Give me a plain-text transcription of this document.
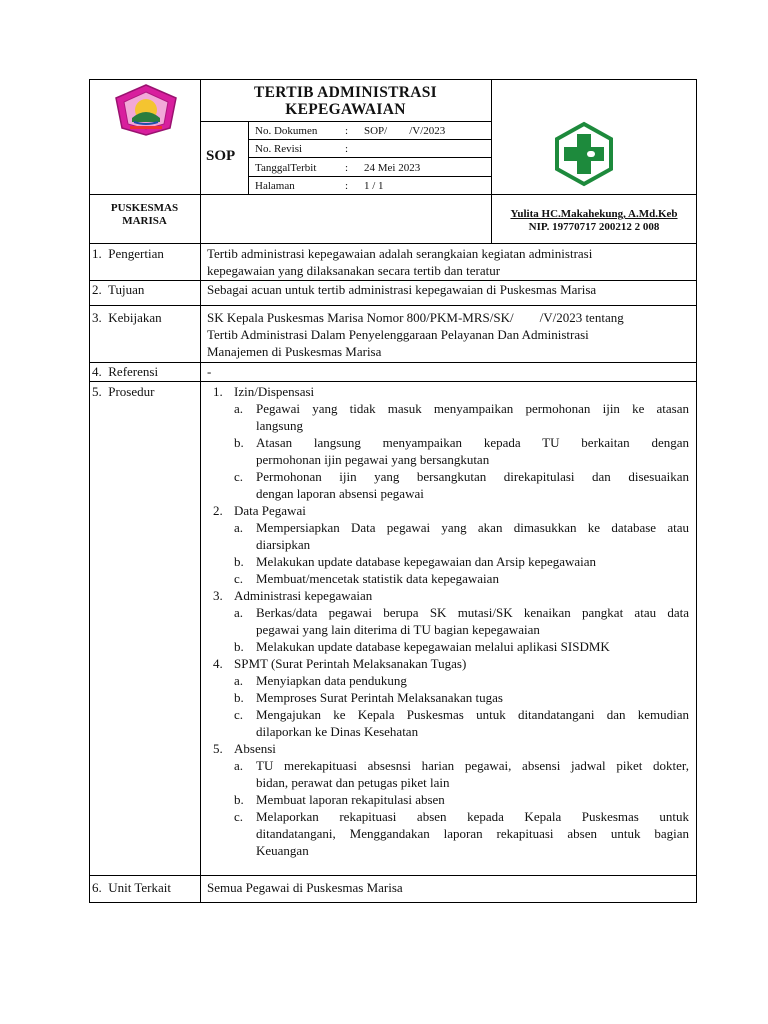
TERTIB ADMINISTRASI
KEPEGAWAIAN
SOP
No. Dokumen	: SOP/        /V/2023
No. Revisi	:
TanggalTerbit	: 24 Mei 2023
Halaman	: 1 / 1
PUSKESMAS
MARISA
Yulita HC.Makahekung, A.Md.Keb
NIP. 19770717 200212 2 008
1.  Pengertian	Tertib administrasi kepegawaian adalah serangkaian kegiatan administrasi
kepegawaian yang dilaksanakan secara tertib dan teratur
2.  Tujuan	Sebagai acuan untuk tertib administrasi kepegawaian di Puskesmas Marisa
3.  Kebijakan	SK Kepala Puskesmas Marisa Nomor 800/PKM-MRS/SK/        /V/2023 tentang
Tertib Administrasi Dalam Penyelenggaraan Pelayanan Dan Administrasi
Manajemen di Puskesmas Marisa
4.  Referensi	-
5.  Prosedur	1. Izin/Dispensasi
a. Pegawai yang tidak masuk menyampaikan permohonan ijin ke atasan
langsung
b. Atasan langsung menyampaikan kepada TU berkaitan dengan
permohonan ijin pegawai yang bersangkutan
c. Permohonan ijin yang bersangkutan direkapitulasi dan disesuaikan
dengan laporan absensi pegawai
2. Data Pegawai
a. Mempersiapkan Data pegawai yang akan dimasukkan ke database atau
diarsipkan
b. Melakukan update database kepegawaian dan Arsip kepegawaian
c. Membuat/mencetak statistik data kepegawaian
3. Administrasi kepegawaian
a. Berkas/data pegawai berupa SK mutasi/SK kenaikan pangkat atau data
pegawai yang lain diterima di TU bagian kepegawaian
b. Melakukan update database kepegawaian melalui aplikasi SISDMK
4. SPMT (Surat Perintah Melaksanakan Tugas)
a. Menyiapkan data pendukung
b. Memproses Surat Perintah Melaksanakan tugas
c. Mengajukan ke Kepala Puskesmas untuk ditandatangani dan kemudian
dilaporkan ke Dinas Kesehatan
5. Absensi
a. TU merekapituasi absesnsi harian pegawai, absensi jadwal piket dokter,
bidan, perawat dan petugas piket lain
b. Membuat laporan rekapitulasi absen
c. Melaporkan rekapituasi absen kepada Kepala Puskesmas untuk
ditandatangani, Menggandakan laporan rekapituasi absen untuk bagian
Keuangan
6.  Unit Terkait	Semua Pegawai di Puskesmas Marisa
